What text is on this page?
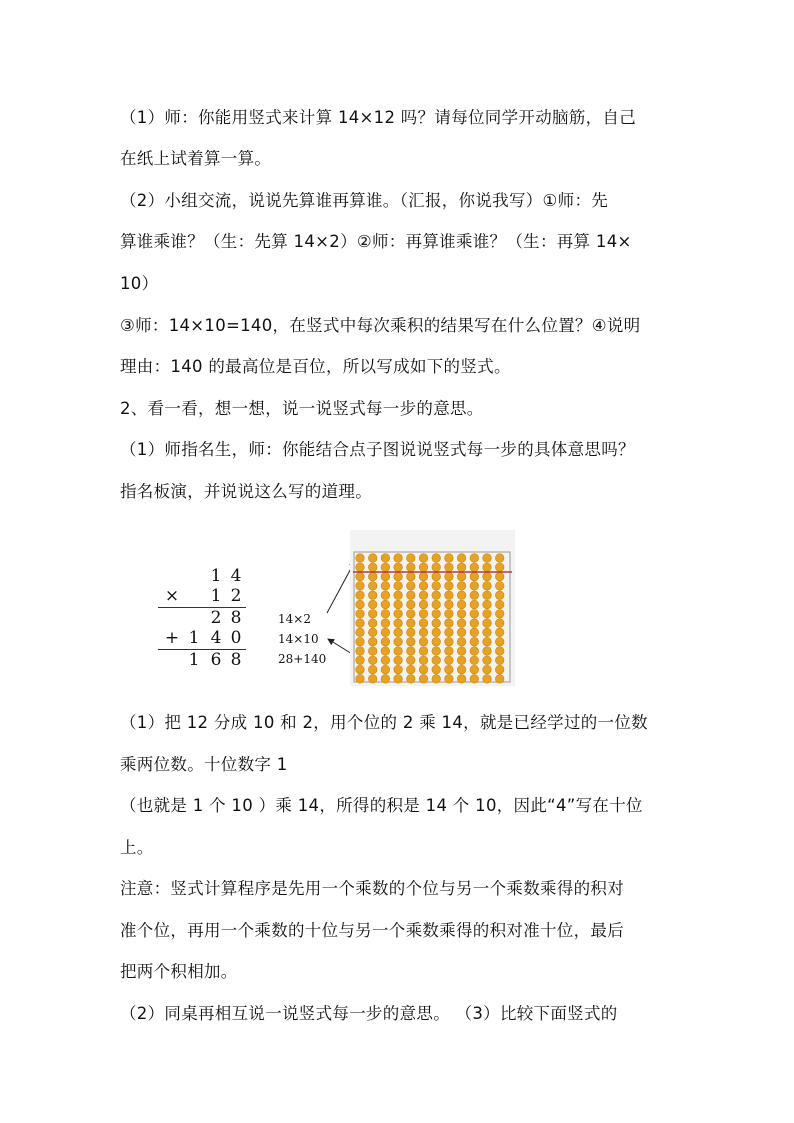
（1）师：你能用竖式来计算 14×12 吗？请每位同学开动脑筋，自己
在纸上试着算一算。
（2）小组交流，说说先算谁再算谁。（汇报，你说我写）①师：先
算谁乘谁？（生：先算 14×2）②师：再算谁乘谁？（生：再算 14×
10）
③师：14×10=140，在竖式中每次乘积的结果写在什么位置？④说明
理由：140 的最高位是百位，所以写成如下的竖式。
2、看一看，想一想，说一说竖式每一步的意思。
（1）师指名生，师：你能结合点子图说说竖式每一步的具体意思吗？
指名板演，并说说这么写的道理。
1 4
× 1 2
2 8
+ 1 4 0
1 6 8
14×2
14×10
28+140
（1）把 12 分成 10 和 2，用个位的 2 乘 14，就是已经学过的一位数
乘两位数。十位数字 1
（也就是 1 个 10 ）乘 14，所得的积是 14 个 10，因此“4”写在十位
上。
注意：竖式计算程序是先用一个乘数的个位与另一个乘数乘得的积对
准个位，再用一个乘数的十位与另一个乘数乘得的积对准十位，最后
把两个积相加。
（2）同桌再相互说一说竖式每一步的意思。 （3）比较下面竖式的
